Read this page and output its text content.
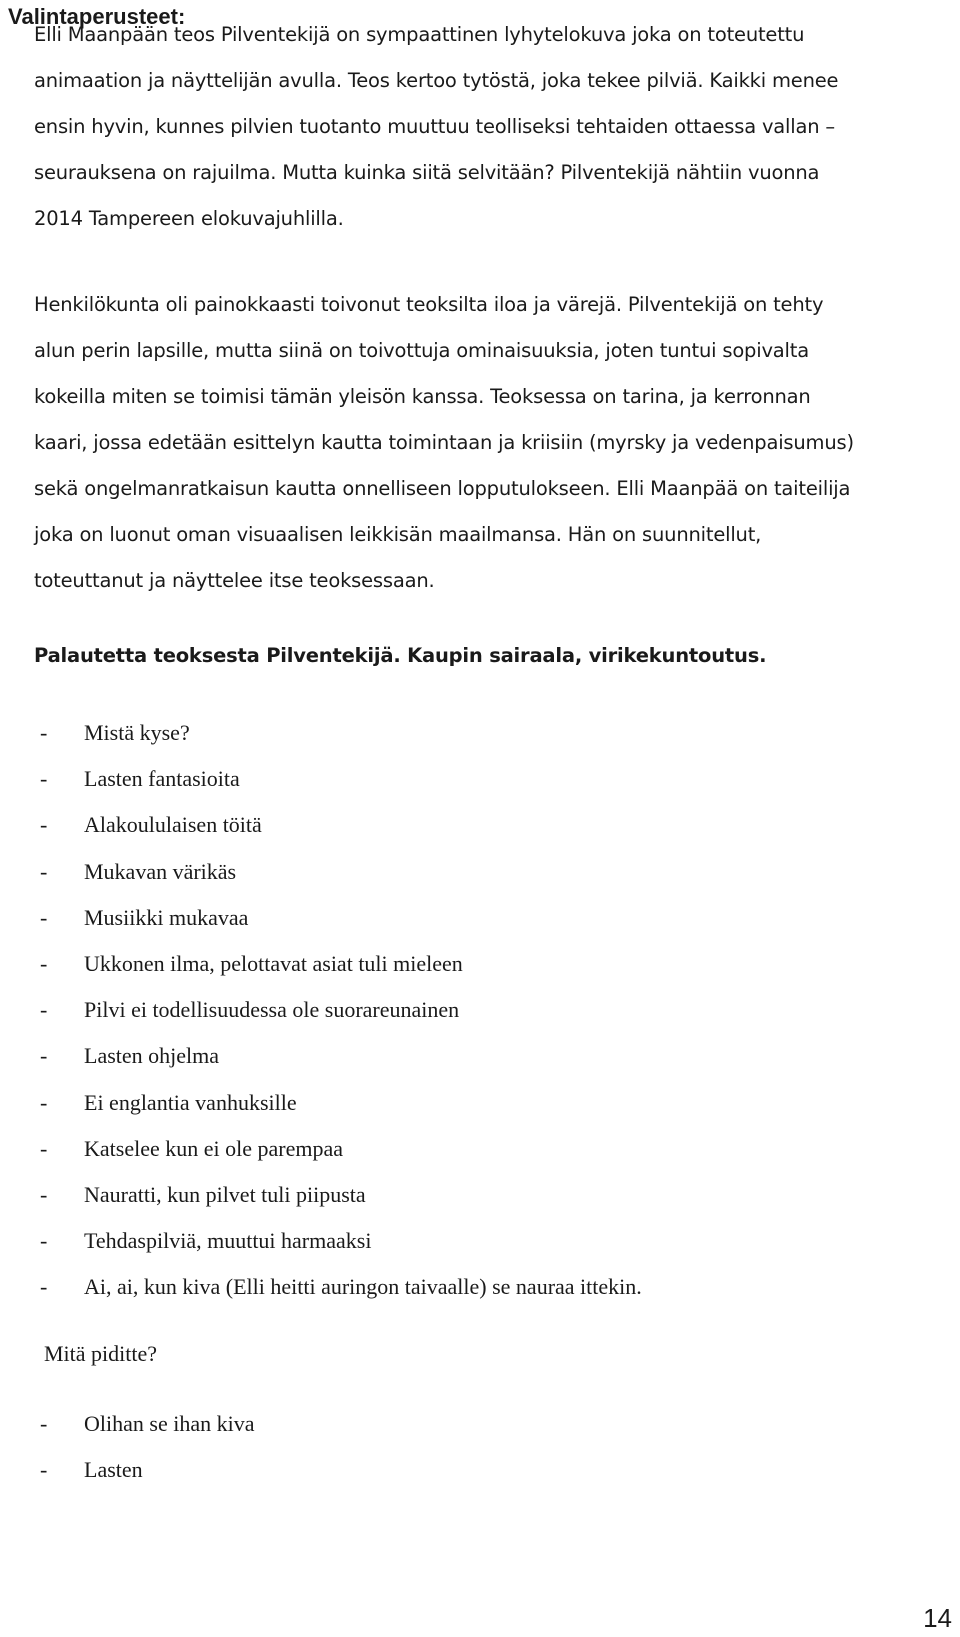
Valintaperusteet:

Elli Maanpään teos Pilventekijä on sympaattinen lyhytelokuva joka on toteutettu
animaation ja näyttelijän avulla. Teos kertoo tytöstä, joka tekee pilviä. Kaikki menee
ensin hyvin, kunnes pilvien tuotanto muuttuu teolliseksi tehtaiden ottaessa vallan –
seurauksena on rajuilma. Mutta kuinka siitä selvitään? Pilventekijä nähtiin vuonna
2014 Tampereen elokuvajuhlilla.

Henkilökunta oli painokkaasti toivonut teoksilta iloa ja värejä. Pilventekijä on tehty
alun perin lapsille, mutta siinä on toivottuja ominaisuuksia, joten tuntui sopivalta
kokeilla miten se toimisi tämän yleisön kanssa. Teoksessa on tarina, ja kerronnan
kaari, jossa edetään esittelyn kautta toimintaan ja kriisiin (myrsky ja vedenpaisumus)
sekä ongelmanratkaisun kautta onnelliseen lopputulokseen. Elli Maanpää on taiteilija
joka on luonut oman visuaalisen leikkisän maailmansa. Hän on suunnitellut,
toteuttanut ja näyttelee itse teoksessaan.

Palautetta teoksesta Pilventekijä. Kaupin sairaala, virikekuntoutus.
- Mistä kyse?
- Lasten fantasioita
- Alakoululaisen töitä
- Mukavan värikäs
- Musiikki mukavaa
- Ukkonen ilma, pelottavat asiat tuli mieleen
- Pilvi ei todellisuudessa ole suorareunainen
- Lasten ohjelma
- Ei englantia vanhuksille
- Katselee kun ei ole parempaa
- Nauratti, kun pilvet tuli piipusta
- Tehdaspilviä, muuttui harmaaksi
- Ai, ai, kun kiva (Elli heitti auringon taivaalle) se nauraa ittekin.

Mitä piditte?

- Olihan se ihan kiva
- Lasten
14
